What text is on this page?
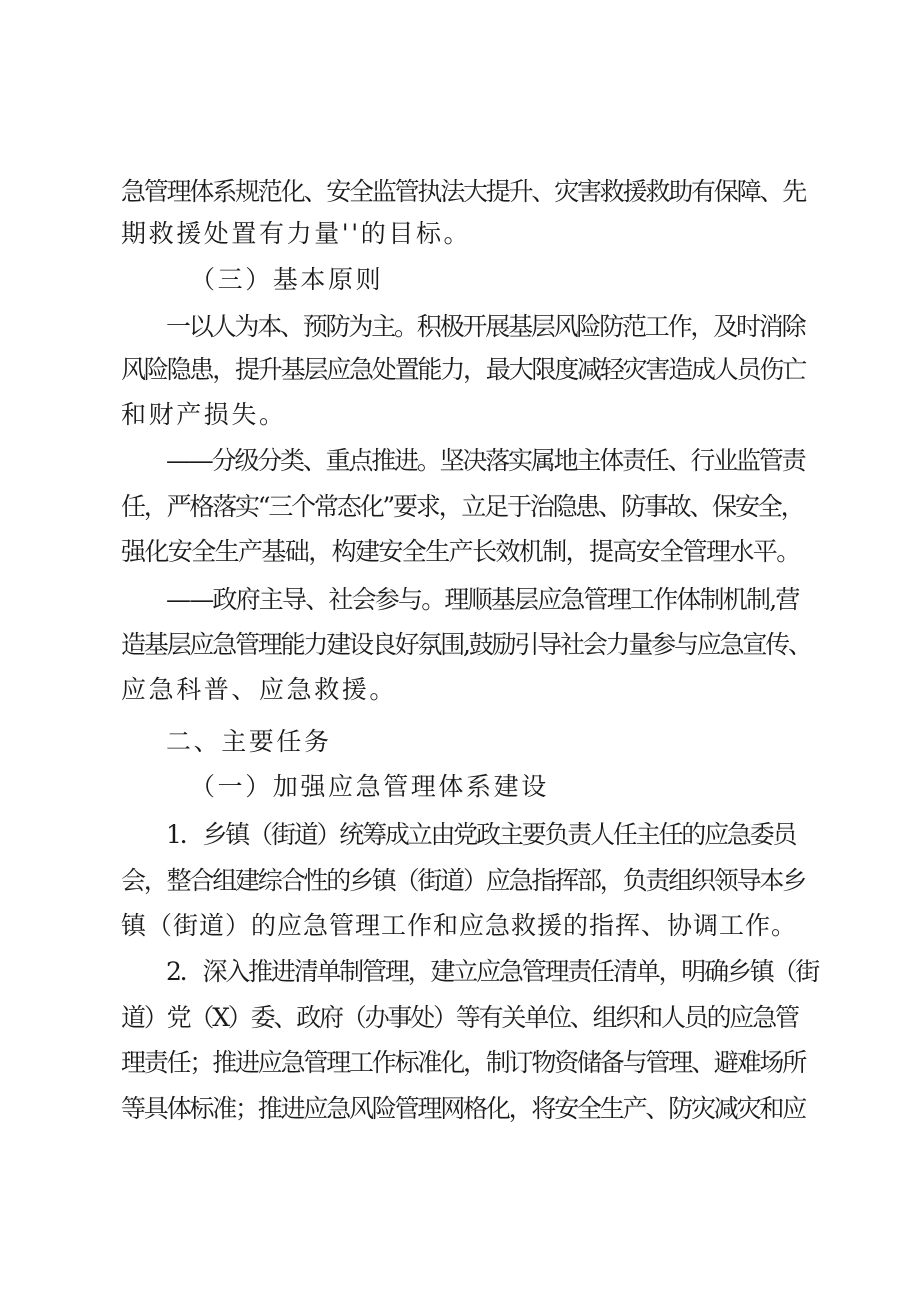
急管理体系规范化、安全监管执法大提升、灾害救援救助有保障、先
期救援处置有力量''的目标。
（三）基本原则
一以人为本、预防为主。积极开展基层风险防范工作，及时消除
风险隐患，提升基层应急处置能力，最大限度减轻灾害造成人员伤亡
和财产损失。
——分级分类、重点推进。坚决落实属地主体责任、行业监管责
任，严格落实“三个常态化”要求，立足于治隐患、防事故、保安全，
强化安全生产基础，构建安全生产长效机制，提高安全管理水平。
——政府主导、社会参与。理顺基层应急管理工作体制机制,营
造基层应急管理能力建设良好氛围,鼓励引导社会力量参与应急宣传、
应急科普、应急救援。
二、主要任务
（一）加强应急管理体系建设
1．乡镇（街道）统筹成立由党政主要负责人任主任的应急委员
会，整合组建综合性的乡镇（街道）应急指挥部，负责组织领导本乡
镇（街道）的应急管理工作和应急救援的指挥、协调工作。
2．深入推进清单制管理，建立应急管理责任清单，明确乡镇（街
道）党（X）委、政府（办事处）等有关单位、组织和人员的应急管
理责任；推进应急管理工作标准化，制订物资储备与管理、避难场所
等具体标准；推进应急风险管理网格化，将安全生产、防灾减灾和应
